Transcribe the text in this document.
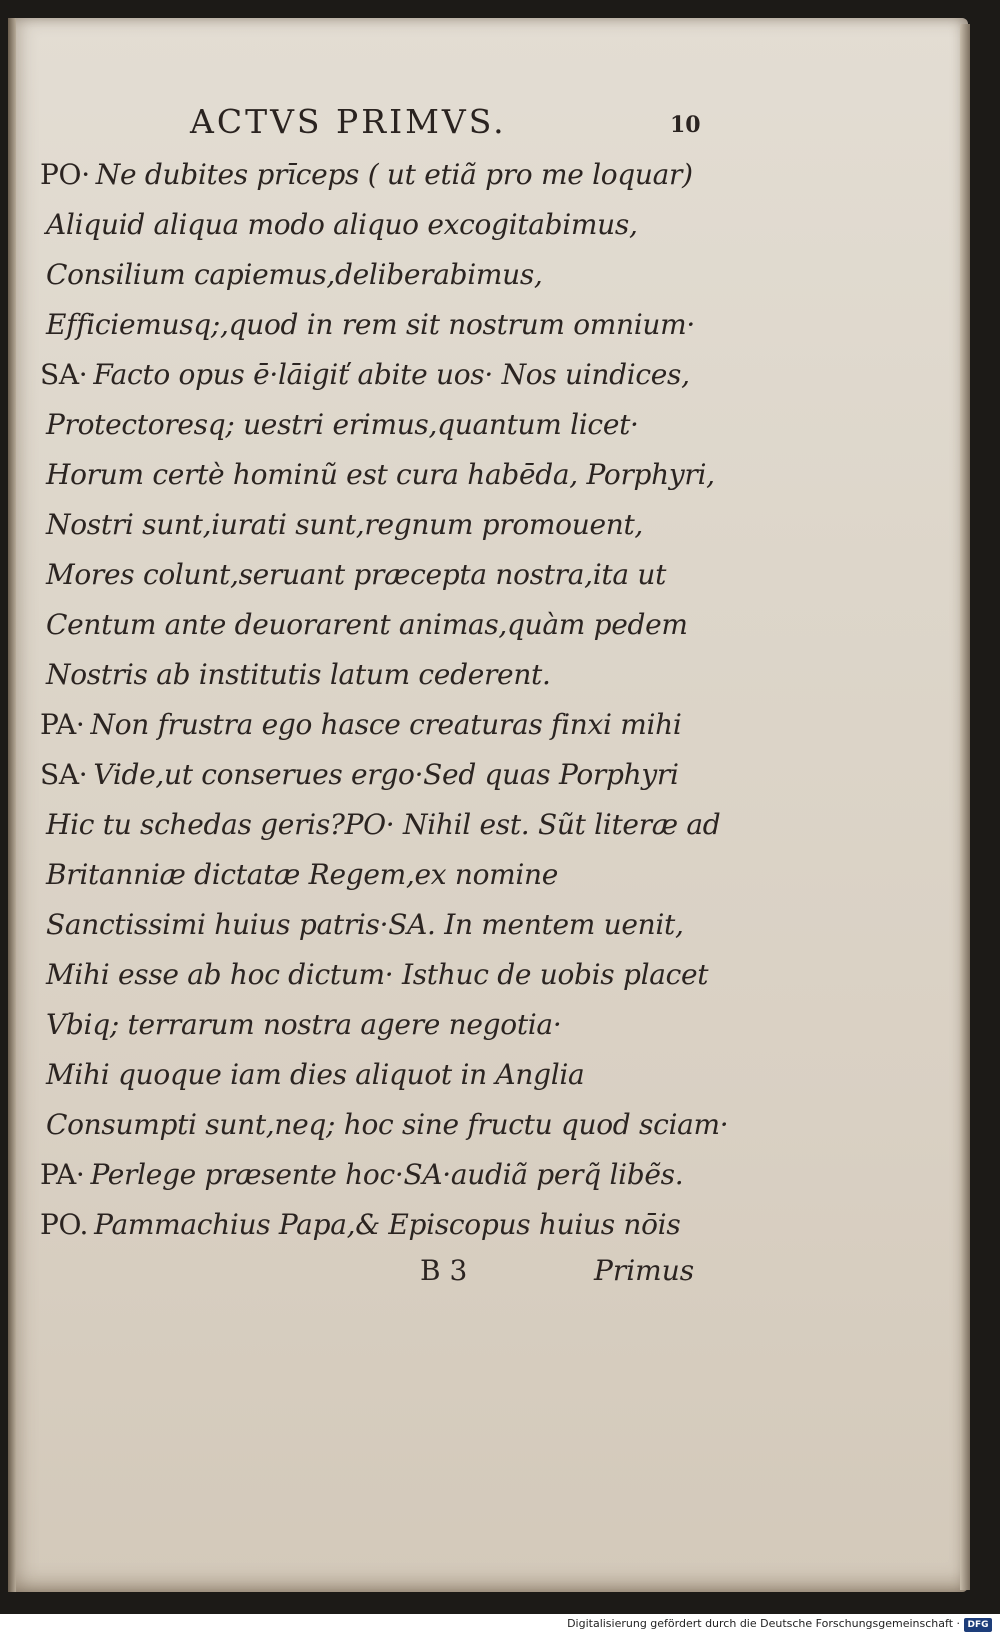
ACTVS PRIMVS.	10
PO· Ne dubites prīceps ( ut etiã pro me loquar)
Aliquid aliqua modo aliquo excogitabimus,
Consilium capiemus,deliberabimus,
Efficiemusq;,quod in rem sit nostrum omnium·
SA· Facto opus ē·lāigiť abite uos· Nos uindices,
Protectoresq; uestri erimus,quantum licet·
Horum certè hominũ est cura habēda, Porphyri,
Nostri sunt,iurati sunt,regnum promouent,
Mores colunt,seruant præcepta nostra,ita ut
Centum ante deuorarent animas,quàm pedem
Nostris ab institutis latum cederent.
PA· Non frustra ego hasce creaturas finxi mihi
SA· Vide,ut conserues ergo·Sed quas Porphyri
Hic tu schedas geris?PO· Nihil est. Sũt literæ ad
Britanniæ dictatæ Regem,ex nomine
Sanctissimi huius patris·SA. In mentem uenit,
Mihi esse ab hoc dictum· Isthuc de uobis placet
Vbiq; terrarum nostra agere negotia·
Mihi quoque iam dies aliquot in Anglia
Consumpti sunt,neq; hoc sine fructu quod sciam·
PA· Perlege præsente hoc·SA·audiã perq̃ libẽs.
PO. Pammachius Papa,& Episcopus huius nōis
B 3	Primus
Digitalisierung gefördert durch die Deutsche Forschungsgemeinschaft · DFG
